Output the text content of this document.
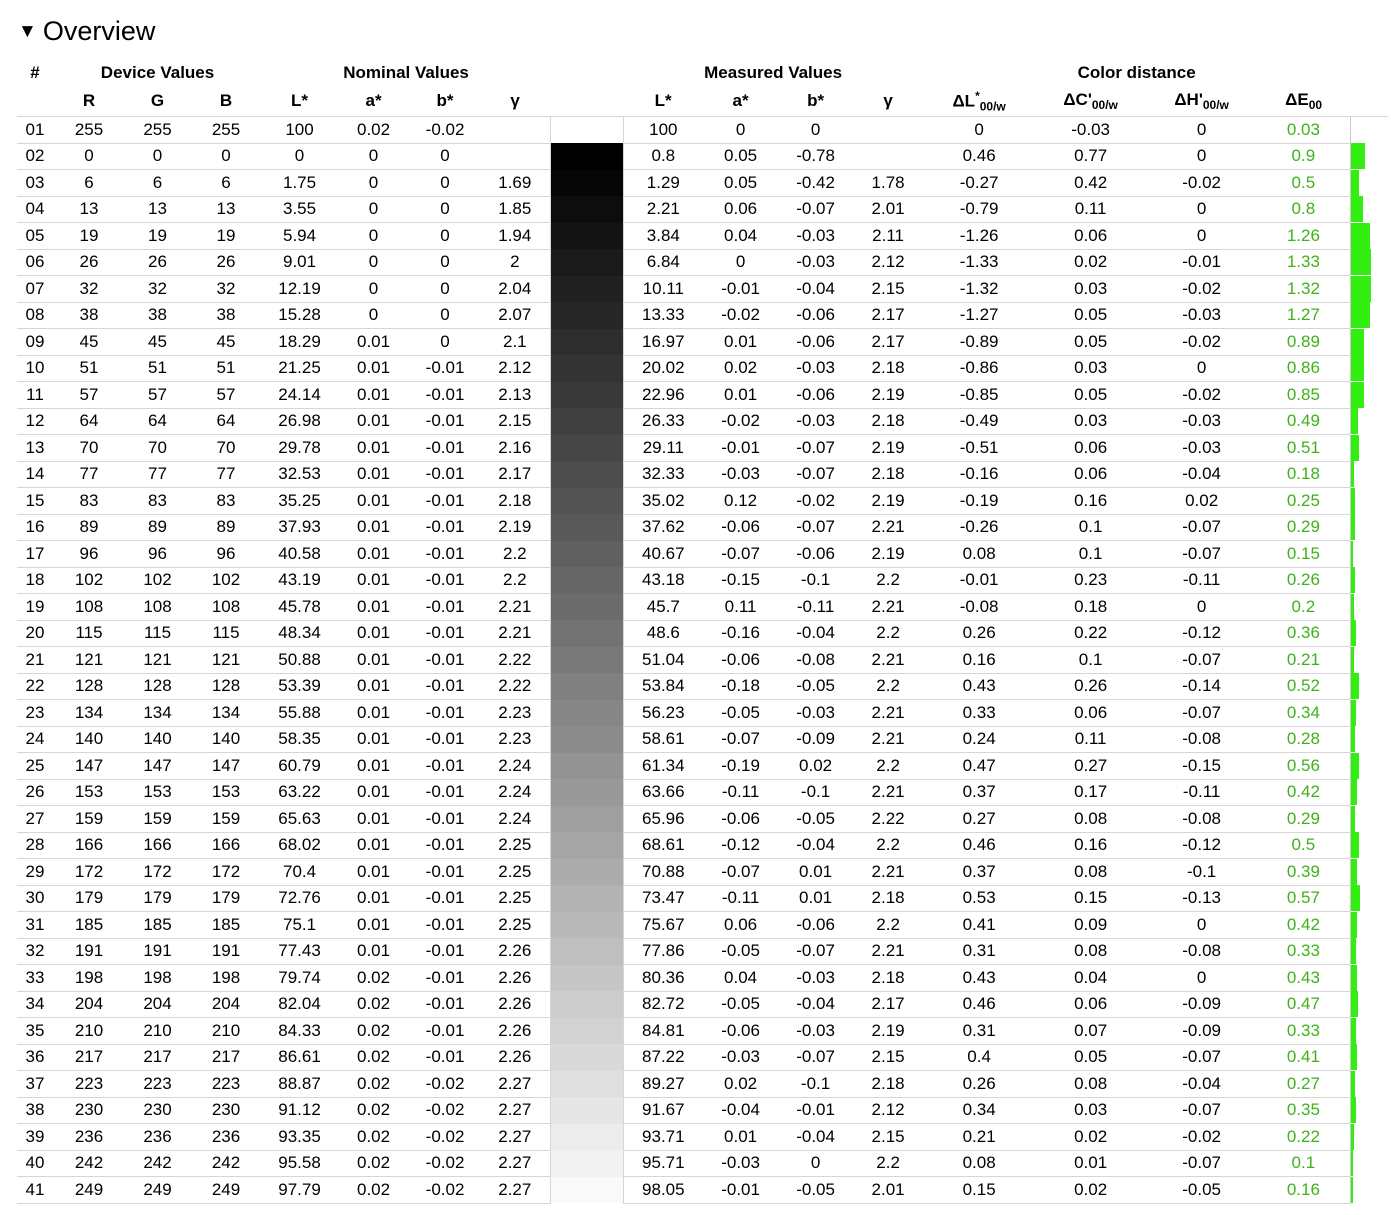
▼ Overview
#	Device Values			Nominal Values					Measured Values				Color distance				
	R	G	B	L*	a*	b*	γ		L*	a*	b*	γ	$\Delta L^*_{00/w}$	$\Delta C'_{00/w}$	$\Delta H'_{00/w}$	$\Delta E_{00}$	
01	255	255	255	100	0.02	-0.02			100	0	0		0	-0.03	0	0.03	

02	0	0	0	0	0	0			0.8	0.05	-0.78		0.46	0.77	0	0.9	

03	6	6	6	1.75	0	0	1.69		1.29	0.05	-0.42	1.78	-0.27	0.42	-0.02	0.5	

04	13	13	13	3.55	0	0	1.85		2.21	0.06	-0.07	2.01	-0.79	0.11	0	0.8	

05	19	19	19	5.94	0	0	1.94		3.84	0.04	-0.03	2.11	-1.26	0.06	0	1.26	

06	26	26	26	9.01	0	0	2		6.84	0	-0.03	2.12	-1.33	0.02	-0.01	1.33	

07	32	32	32	12.19	0	0	2.04		10.11	-0.01	-0.04	2.15	-1.32	0.03	-0.02	1.32	

08	38	38	38	15.28	0	0	2.07		13.33	-0.02	-0.06	2.17	-1.27	0.05	-0.03	1.27	

09	45	45	45	18.29	0.01	0	2.1		16.97	0.01	-0.06	2.17	-0.89	0.05	-0.02	0.89	

10	51	51	51	21.25	0.01	-0.01	2.12		20.02	0.02	-0.03	2.18	-0.86	0.03	0	0.86	

11	57	57	57	24.14	0.01	-0.01	2.13		22.96	0.01	-0.06	2.19	-0.85	0.05	-0.02	0.85	

12	64	64	64	26.98	0.01	-0.01	2.15		26.33	-0.02	-0.03	2.18	-0.49	0.03	-0.03	0.49	

13	70	70	70	29.78	0.01	-0.01	2.16		29.11	-0.01	-0.07	2.19	-0.51	0.06	-0.03	0.51	

14	77	77	77	32.53	0.01	-0.01	2.17		32.33	-0.03	-0.07	2.18	-0.16	0.06	-0.04	0.18	

15	83	83	83	35.25	0.01	-0.01	2.18		35.02	0.12	-0.02	2.19	-0.19	0.16	0.02	0.25	

16	89	89	89	37.93	0.01	-0.01	2.19		37.62	-0.06	-0.07	2.21	-0.26	0.1	-0.07	0.29	

17	96	96	96	40.58	0.01	-0.01	2.2		40.67	-0.07	-0.06	2.19	0.08	0.1	-0.07	0.15	

18	102	102	102	43.19	0.01	-0.01	2.2		43.18	-0.15	-0.1	2.2	-0.01	0.23	-0.11	0.26	

19	108	108	108	45.78	0.01	-0.01	2.21		45.7	0.11	-0.11	2.21	-0.08	0.18	0	0.2	

20	115	115	115	48.34	0.01	-0.01	2.21		48.6	-0.16	-0.04	2.2	0.26	0.22	-0.12	0.36	

21	121	121	121	50.88	0.01	-0.01	2.22		51.04	-0.06	-0.08	2.21	0.16	0.1	-0.07	0.21	

22	128	128	128	53.39	0.01	-0.01	2.22		53.84	-0.18	-0.05	2.2	0.43	0.26	-0.14	0.52	

23	134	134	134	55.88	0.01	-0.01	2.23		56.23	-0.05	-0.03	2.21	0.33	0.06	-0.07	0.34	

24	140	140	140	58.35	0.01	-0.01	2.23		58.61	-0.07	-0.09	2.21	0.24	0.11	-0.08	0.28	

25	147	147	147	60.79	0.01	-0.01	2.24		61.34	-0.19	0.02	2.2	0.47	0.27	-0.15	0.56	

26	153	153	153	63.22	0.01	-0.01	2.24		63.66	-0.11	-0.1	2.21	0.37	0.17	-0.11	0.42	

27	159	159	159	65.63	0.01	-0.01	2.24		65.96	-0.06	-0.05	2.22	0.27	0.08	-0.08	0.29	

28	166	166	166	68.02	0.01	-0.01	2.25		68.61	-0.12	-0.04	2.2	0.46	0.16	-0.12	0.5	

29	172	172	172	70.4	0.01	-0.01	2.25		70.88	-0.07	0.01	2.21	0.37	0.08	-0.1	0.39	

30	179	179	179	72.76	0.01	-0.01	2.25		73.47	-0.11	0.01	2.18	0.53	0.15	-0.13	0.57	

31	185	185	185	75.1	0.01	-0.01	2.25		75.67	0.06	-0.06	2.2	0.41	0.09	0	0.42	

32	191	191	191	77.43	0.01	-0.01	2.26		77.86	-0.05	-0.07	2.21	0.31	0.08	-0.08	0.33	

33	198	198	198	79.74	0.02	-0.01	2.26		80.36	0.04	-0.03	2.18	0.43	0.04	0	0.43	

34	204	204	204	82.04	0.02	-0.01	2.26		82.72	-0.05	-0.04	2.17	0.46	0.06	-0.09	0.47	

35	210	210	210	84.33	0.02	-0.01	2.26		84.81	-0.06	-0.03	2.19	0.31	0.07	-0.09	0.33	

36	217	217	217	86.61	0.02	-0.01	2.26		87.22	-0.03	-0.07	2.15	0.4	0.05	-0.07	0.41	

37	223	223	223	88.87	0.02	-0.02	2.27		89.27	0.02	-0.1	2.18	0.26	0.08	-0.04	0.27	

38	230	230	230	91.12	0.02	-0.02	2.27		91.67	-0.04	-0.01	2.12	0.34	0.03	-0.07	0.35	

39	236	236	236	93.35	0.02	-0.02	2.27		93.71	0.01	-0.04	2.15	0.21	0.02	-0.02	0.22	

40	242	242	242	95.58	0.02	-0.02	2.27		95.71	-0.03	0	2.2	0.08	0.01	-0.07	0.1	

41	249	249	249	97.79	0.02	-0.02	2.27		98.05	-0.01	-0.05	2.01	0.15	0.02	-0.05	0.16	
